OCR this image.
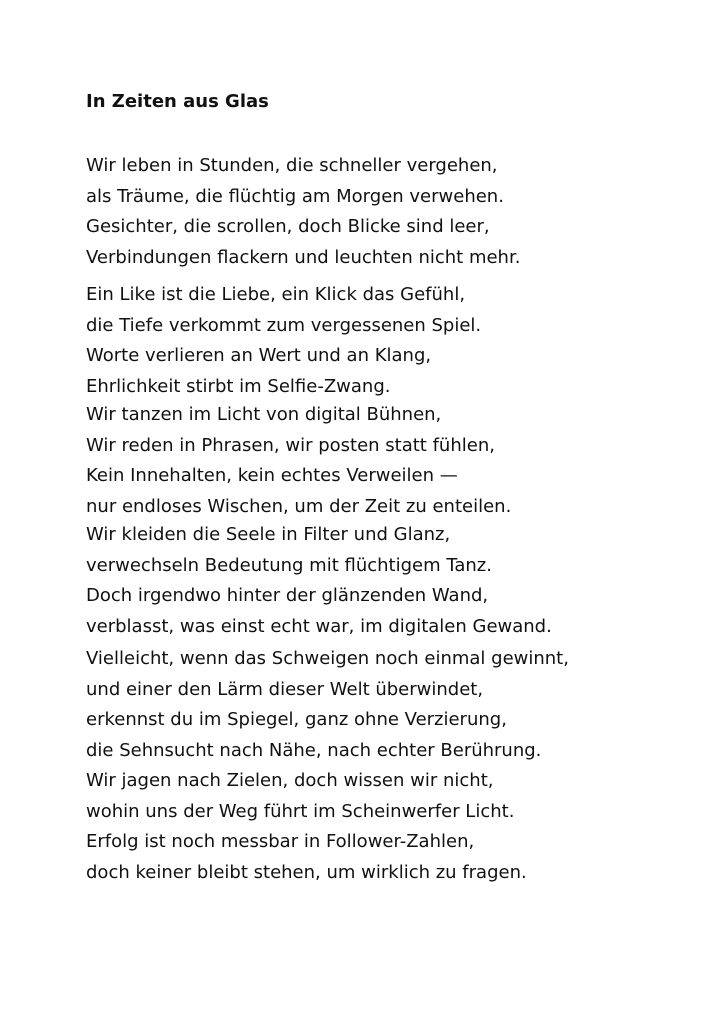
In Zeiten aus Glas
Wir leben in Stunden, die schneller vergehen,
als Träume, die flüchtig am Morgen verwehen.
Gesichter, die scrollen, doch Blicke sind leer,
Verbindungen flackern und leuchten nicht mehr.
Ein Like ist die Liebe, ein Klick das Gefühl,
die Tiefe verkommt zum vergessenen Spiel.
Worte verlieren an Wert und an Klang,
Ehrlichkeit stirbt im Selfie-Zwang.
Wir tanzen im Licht von digital Bühnen,
Wir reden in Phrasen, wir posten statt fühlen,
Kein Innehalten, kein echtes Verweilen —
nur endloses Wischen, um der Zeit zu enteilen.
Wir kleiden die Seele in Filter und Glanz,
verwechseln Bedeutung mit flüchtigem Tanz.
Doch irgendwo hinter der glänzenden Wand,
verblasst, was einst echt war, im digitalen Gewand.
Vielleicht, wenn das Schweigen noch einmal gewinnt,
und einer den Lärm dieser Welt überwindet,
erkennst du im Spiegel, ganz ohne Verzierung,
die Sehnsucht nach Nähe, nach echter Berührung.
Wir jagen nach Zielen, doch wissen wir nicht,
wohin uns der Weg führt im Scheinwerfer Licht.
Erfolg ist noch messbar in Follower-Zahlen,
doch keiner bleibt stehen, um wirklich zu fragen.
